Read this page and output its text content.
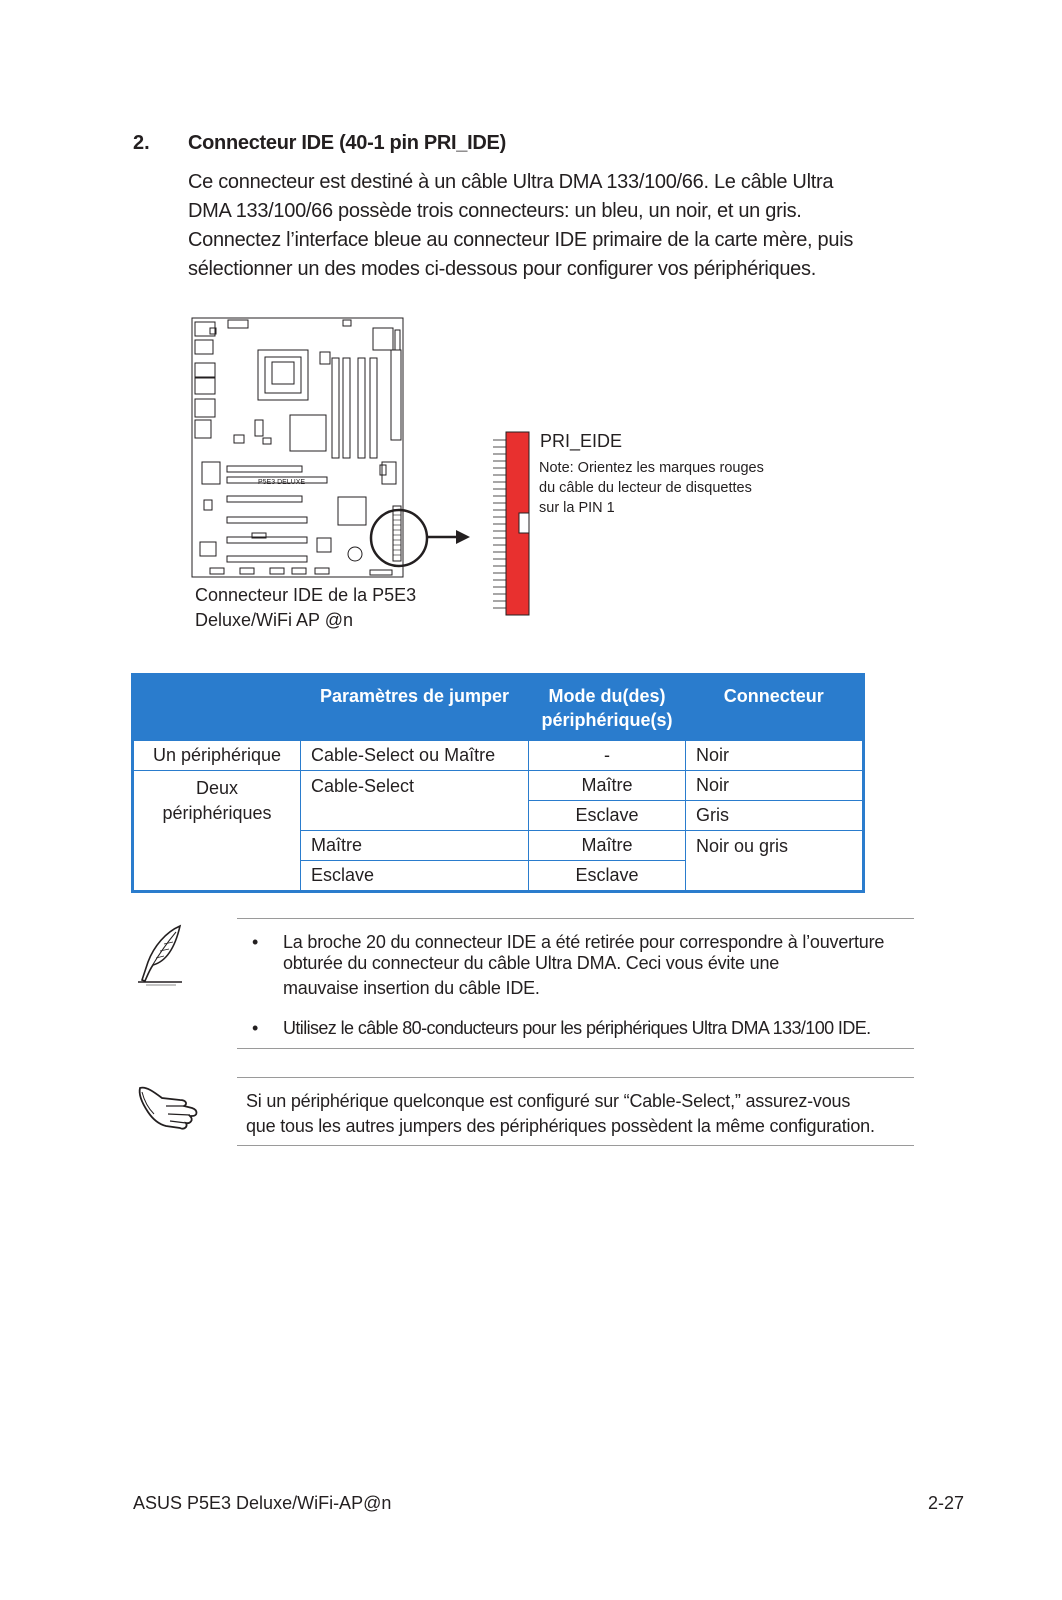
2. Connecteur IDE (40-1 pin PRI_IDE)

Ce connecteur est destiné à un câble Ultra DMA 133/100/66. Le câble Ultra

DMA 133/100/66 possède trois connecteurs: un bleu, un noir, et un gris.

Connectez l’interface bleue au connecteur IDE primaire de la carte mère, puis

sélectionner un des modes ci-dessous pour configurer vos périphériques.

P5E3 DELUXE
PRI_EIDE
Note: Orientez les marques rouges
du câble du lecteur de disquettes
sur la PIN 1
Connecteur IDE de la P5E3
Deluxe/WiFi AP @n
	Paramètres de jumper	Mode du(des)
périphérique(s)	Connecteur
Un périphérique	Cable-Select ou Maître	-	Noir
Deux
périphériques	Cable-Select	Maître	Noir
		Esclave	Gris
	Maître	Maître	Noir ou gris
	Esclave	Esclave	
• La broche 20 du connecteur IDE a été retirée pour correspondre à l’ouverture obturée du connecteur du câble Ultra DMA. Ceci vous évite une
mauvaise insertion du câble IDE.
• Utilisez le câble 80-conducteurs pour les périphériques Ultra DMA 133/100 IDE.
Si un périphérique quelconque est configuré sur “Cable-Select,” assurez-vous
que tous les autres jumpers des périphériques possèdent la même configuration.
ASUS P5E3 Deluxe/WiFi-AP@n	2-27
